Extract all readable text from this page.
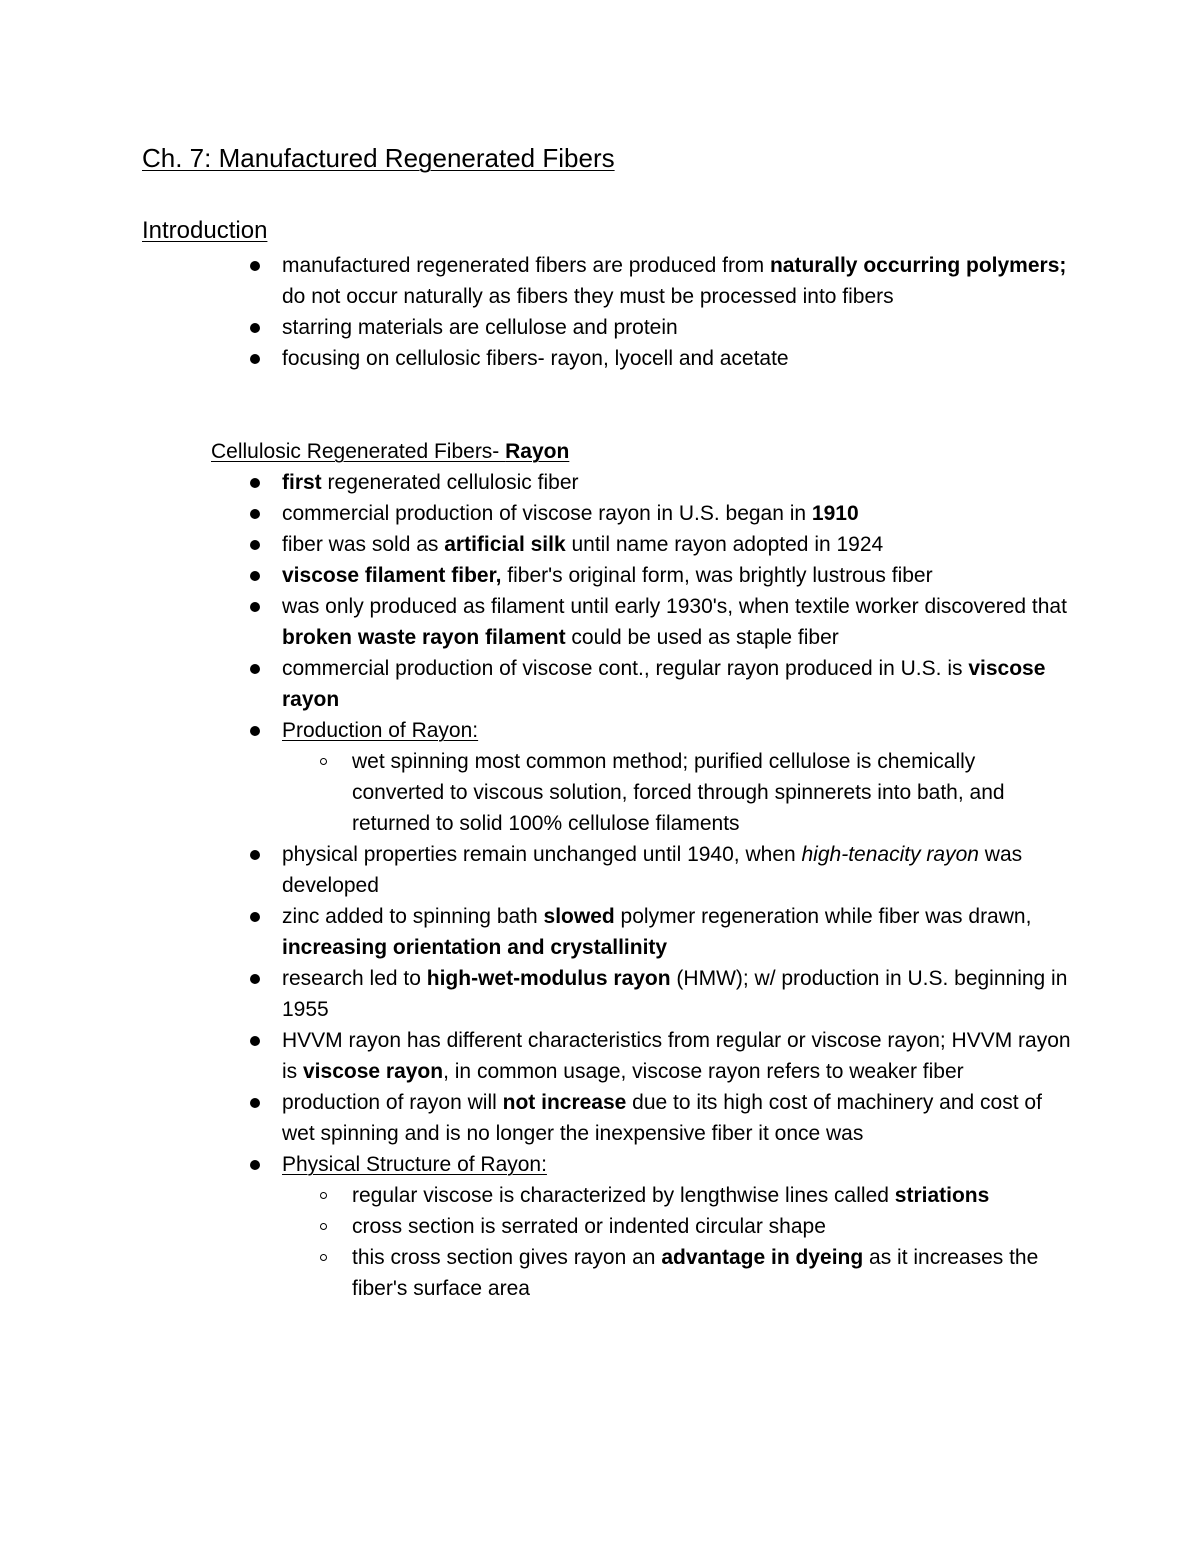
Ch. 7: Manufactured Regenerated Fibers
Introduction
manufactured regenerated fibers are produced from naturally occurring polymers; do not occur naturally as fibers they must be processed into fibers
starring materials are cellulose and protein
focusing on cellulosic fibers- rayon, lyocell and acetate
Cellulosic Regenerated Fibers- Rayon
first regenerated cellulosic fiber
commercial production of viscose rayon in U.S. began in 1910
fiber was sold as artificial silk until name rayon adopted in 1924
viscose filament fiber, fiber's original form, was brightly lustrous fiber
was only produced as filament until early 1930's, when textile worker discovered that broken waste rayon filament could be used as staple fiber
commercial production of viscose cont., regular rayon produced in U.S. is viscose rayon
Production of Rayon:
wet spinning most common method; purified cellulose is chemically converted to viscous solution, forced through spinnerets into bath, and returned to solid 100% cellulose filaments
physical properties remain unchanged until 1940, when high-tenacity rayon was developed
zinc added to spinning bath slowed polymer regeneration while fiber was drawn, increasing orientation and crystallinity
research led to high-wet-modulus rayon (HMW); w/ production in U.S. beginning in 1955
HVVM rayon has different characteristics from regular or viscose rayon; HVVM rayon is viscose rayon, in common usage, viscose rayon refers to weaker fiber
production of rayon will not increase due to its high cost of machinery and cost of wet spinning and is no longer the inexpensive fiber it once was
Physical Structure of Rayon:
regular viscose is characterized by lengthwise lines called striations
cross section is serrated or indented circular shape
this cross section gives rayon an advantage in dyeing as it increases the fiber's surface area
